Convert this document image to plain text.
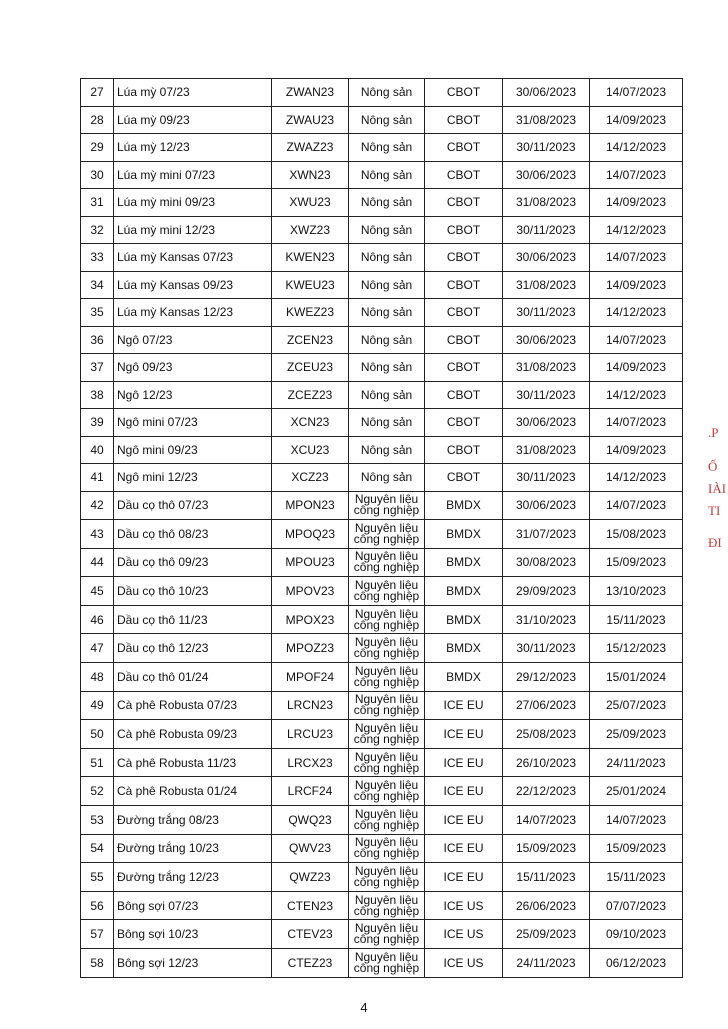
27	Lúa mỳ 07/23	ZWAN23	Nông sản	CBOT	30/06/2023	14/07/2023
28	Lúa mỳ 09/23	ZWAU23	Nông sản	CBOT	31/08/2023	14/09/2023
29	Lúa mỳ 12/23	ZWAZ23	Nông sản	CBOT	30/11/2023	14/12/2023
30	Lúa mỳ mini 07/23	XWN23	Nông sản	CBOT	30/06/2023	14/07/2023
31	Lúa mỳ mini 09/23	XWU23	Nông sản	CBOT	31/08/2023	14/09/2023
32	Lúa mỳ mini 12/23	XWZ23	Nông sản	CBOT	30/11/2023	14/12/2023
33	Lúa mỳ Kansas 07/23	KWEN23	Nông sản	CBOT	30/06/2023	14/07/2023
34	Lúa mỳ Kansas 09/23	KWEU23	Nông sản	CBOT	31/08/2023	14/09/2023
35	Lúa mỳ Kansas 12/23	KWEZ23	Nông sản	CBOT	30/11/2023	14/12/2023
36	Ngô 07/23	ZCEN23	Nông sản	CBOT	30/06/2023	14/07/2023
37	Ngô 09/23	ZCEU23	Nông sản	CBOT	31/08/2023	14/09/2023
38	Ngô 12/23	ZCEZ23	Nông sản	CBOT	30/11/2023	14/12/2023
39	Ngô mini 07/23	XCN23	Nông sản	CBOT	30/06/2023	14/07/2023
40	Ngô mini 09/23	XCU23	Nông sản	CBOT	31/08/2023	14/09/2023
41	Ngô mini 12/23	XCZ23	Nông sản	CBOT	30/11/2023	14/12/2023
42	Dầu cọ thô 07/23	MPON23	Nguyên liệu
công nghiệp	BMDX	30/06/2023	14/07/2023
43	Dầu cọ thô 08/23	MPOQ23	Nguyên liệu
công nghiệp	BMDX	31/07/2023	15/08/2023
44	Dầu cọ thô 09/23	MPOU23	Nguyên liệu
công nghiệp	BMDX	30/08/2023	15/09/2023
45	Dầu cọ thô 10/23	MPOV23	Nguyên liệu
công nghiệp	BMDX	29/09/2023	13/10/2023
46	Dầu cọ thô 11/23	MPOX23	Nguyên liệu
công nghiệp	BMDX	31/10/2023	15/11/2023
47	Dầu cọ thô 12/23	MPOZ23	Nguyên liệu
công nghiệp	BMDX	30/11/2023	15/12/2023
48	Dầu cọ thô 01/24	MPOF24	Nguyên liệu
công nghiệp	BMDX	29/12/2023	15/01/2024
49	Cà phê Robusta 07/23	LRCN23	Nguyên liệu
công nghiệp	ICE EU	27/06/2023	25/07/2023
50	Cà phê Robusta 09/23	LRCU23	Nguyên liệu
công nghiệp	ICE EU	25/08/2023	25/09/2023
51	Cà phê Robusta 11/23	LRCX23	Nguyên liệu
công nghiệp	ICE EU	26/10/2023	24/11/2023
52	Cà phê Robusta 01/24	LRCF24	Nguyên liệu
công nghiệp	ICE EU	22/12/2023	25/01/2024
53	Đường trắng 08/23	QWQ23	Nguyên liệu
công nghiệp	ICE EU	14/07/2023	14/07/2023
54	Đường trắng 10/23	QWV23	Nguyên liệu
công nghiệp	ICE EU	15/09/2023	15/09/2023
55	Đường trắng 12/23	QWZ23	Nguyên liệu
công nghiệp	ICE EU	15/11/2023	15/11/2023
56	Bông sợi 07/23	CTEN23	Nguyên liệu
công nghiệp	ICE US	26/06/2023	07/07/2023
57	Bông sợi 10/23	CTEV23	Nguyên liệu
công nghiệp	ICE US	25/09/2023	09/10/2023
58	Bông sợi 12/23	CTEZ23	Nguyên liệu
công nghiệp	ICE US	24/11/2023	06/12/2023
4
.P
Ố
IÀI
TI
ĐI
